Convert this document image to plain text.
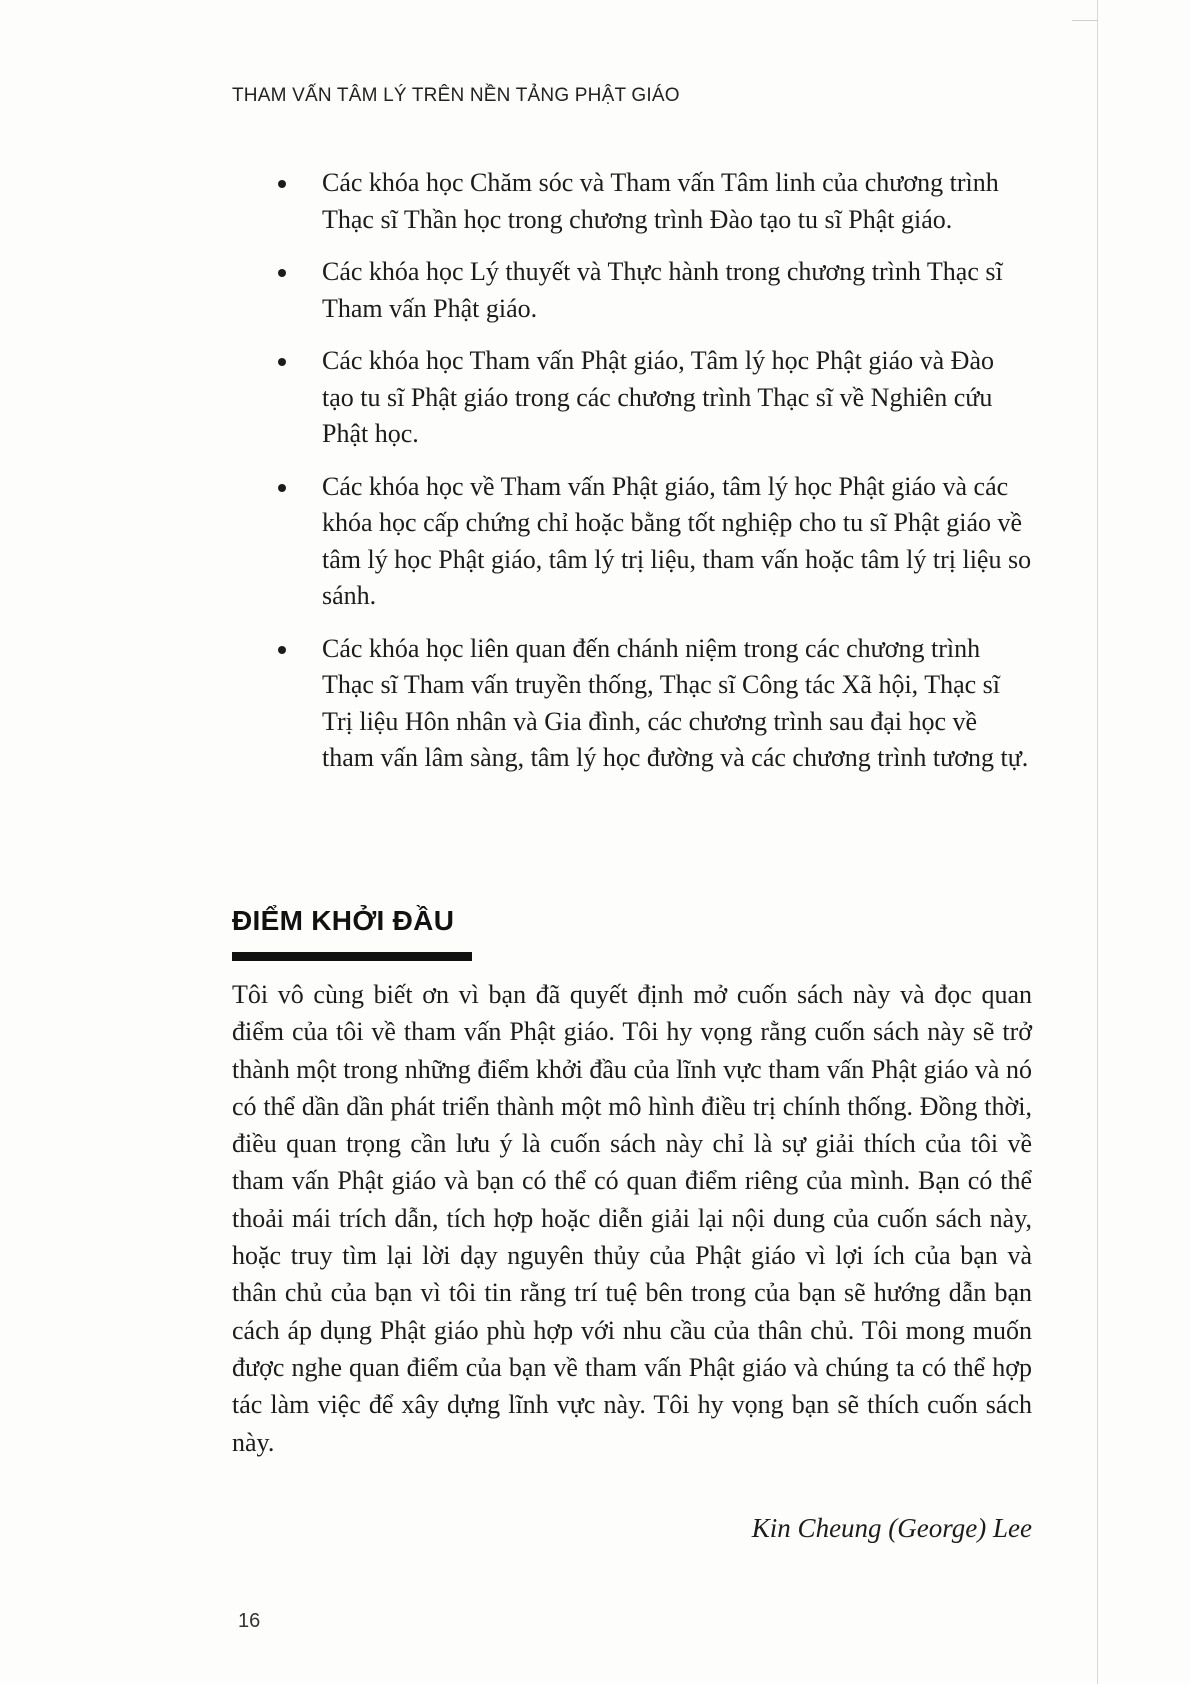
THAM VẤN TÂM LÝ TRÊN NỀN TẢNG PHẬT GIÁO
Các khóa học Chăm sóc và Tham vấn Tâm linh của chương trình Thạc sĩ Thần học trong chương trình Đào tạo tu sĩ Phật giáo.
Các khóa học Lý thuyết và Thực hành trong chương trình Thạc sĩ Tham vấn Phật giáo.
Các khóa học Tham vấn Phật giáo, Tâm lý học Phật giáo và Đào tạo tu sĩ Phật giáo trong các chương trình Thạc sĩ về Nghiên cứu Phật học.
Các khóa học về Tham vấn Phật giáo, tâm lý học Phật giáo và các khóa học cấp chứng chỉ hoặc bằng tốt nghiệp cho tu sĩ Phật giáo về tâm lý học Phật giáo, tâm lý trị liệu, tham vấn hoặc tâm lý trị liệu so sánh.
Các khóa học liên quan đến chánh niệm trong các chương trình Thạc sĩ Tham vấn truyền thống, Thạc sĩ Công tác Xã hội, Thạc sĩ Trị liệu Hôn nhân và Gia đình, các chương trình sau đại học về tham vấn lâm sàng, tâm lý học đường và các chương trình tương tự.
ĐIỂM KHỞI ĐẦU

Tôi vô cùng biết ơn vì bạn đã quyết định mở cuốn sách này và đọc quan điểm của tôi về tham vấn Phật giáo. Tôi hy vọng rằng cuốn sách này sẽ trở thành một trong những điểm khởi đầu của lĩnh vực tham vấn Phật giáo và nó có thể dần dần phát triển thành một mô hình điều trị chính thống. Đồng thời, điều quan trọng cần lưu ý là cuốn sách này chỉ là sự giải thích của tôi về tham vấn Phật giáo và bạn có thể có quan điểm riêng của mình. Bạn có thể thoải mái trích dẫn, tích hợp hoặc diễn giải lại nội dung của cuốn sách này, hoặc truy tìm lại lời dạy nguyên thủy của Phật giáo vì lợi ích của bạn và thân chủ của bạn vì tôi tin rằng trí tuệ bên trong của bạn sẽ hướng dẫn bạn cách áp dụng Phật giáo phù hợp với nhu cầu của thân chủ. Tôi mong muốn được nghe quan điểm của bạn về tham vấn Phật giáo và chúng ta có thể hợp tác làm việc để xây dựng lĩnh vực này. Tôi hy vọng bạn sẽ thích cuốn sách này.

Kin Cheung (George) Lee
16
